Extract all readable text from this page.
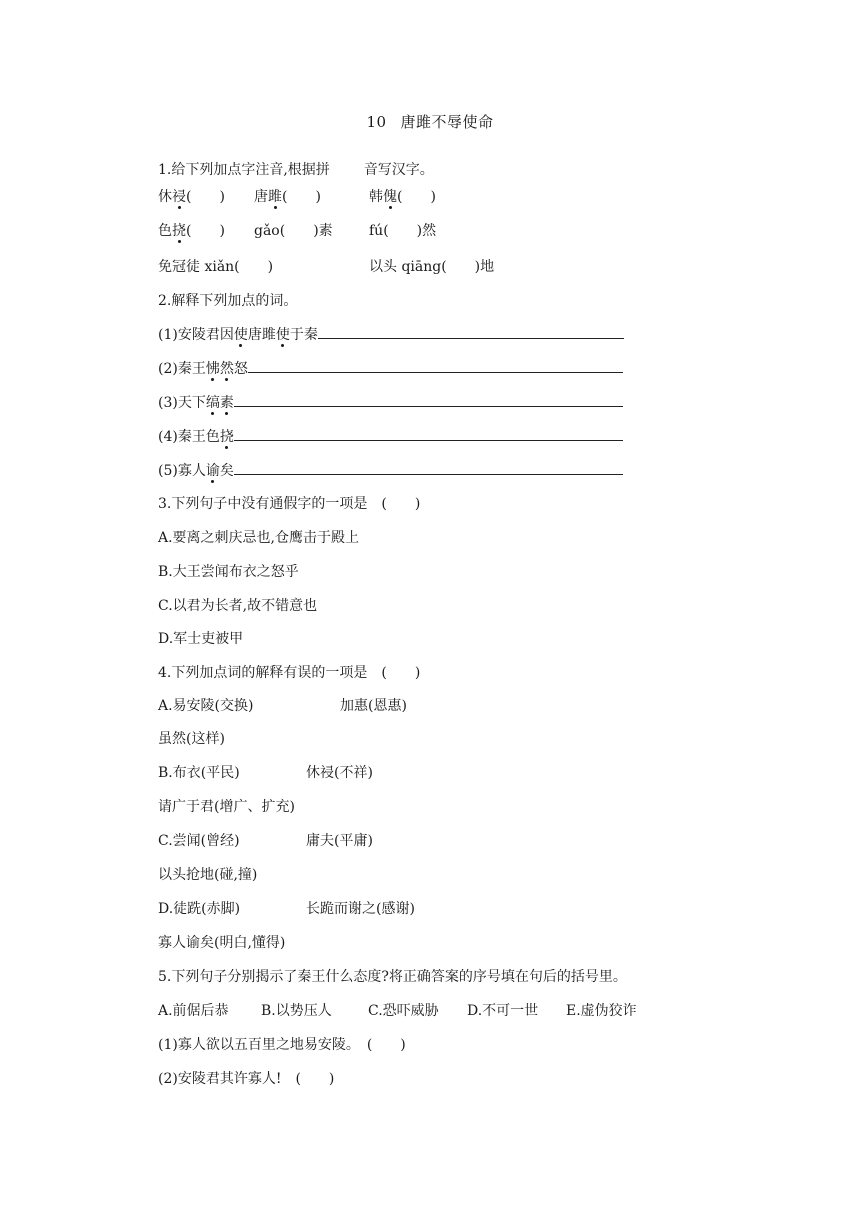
10 唐雎不辱使命
1.给下列加点字注音,根据拼 音写汉字。
休祲(　　) 唐雎(　　)	韩傀(　　)
色挠(　　) gǎo(　　)素	fú(　　)然
免冠徒 xiǎn(　　)	以头 qiāng(　　)地
2.解释下列加点的词。
(1)安陵君因使唐雎使于秦
(2)秦王怫然怒
(3)天下缟素
(4)秦王色挠
(5)寡人谕矣
3.下列句子中没有通假字的一项是　(　　)
A.要离之刺庆忌也,仓鹰击于殿上
B.大王尝闻布衣之怒乎
C.以君为长者,故不错意也
D.军士吏被甲
4.下列加点词的解释有误的一项是　(　　)
A.易安陵(交换)	加惠(恩惠)
虽然(这样)
B.布衣(平民)	休祲(不祥)
请广于君(增广、扩充)
C.尝闻(曾经)	庸夫(平庸)
以头抢地(碰,撞)
D.徒跣(赤脚)	长跪而谢之(感谢)
寡人谕矣(明白,懂得)
5.下列句子分别揭示了秦王什么态度?将正确答案的序号填在句后的括号里。
A.前倨后恭 B.以势压人	C.恐吓威胁 D.不可一世 E.虚伪狡诈
(1)寡人欲以五百里之地易安陵。　(　　)
(2)安陵君其许寡人!　(　　)
